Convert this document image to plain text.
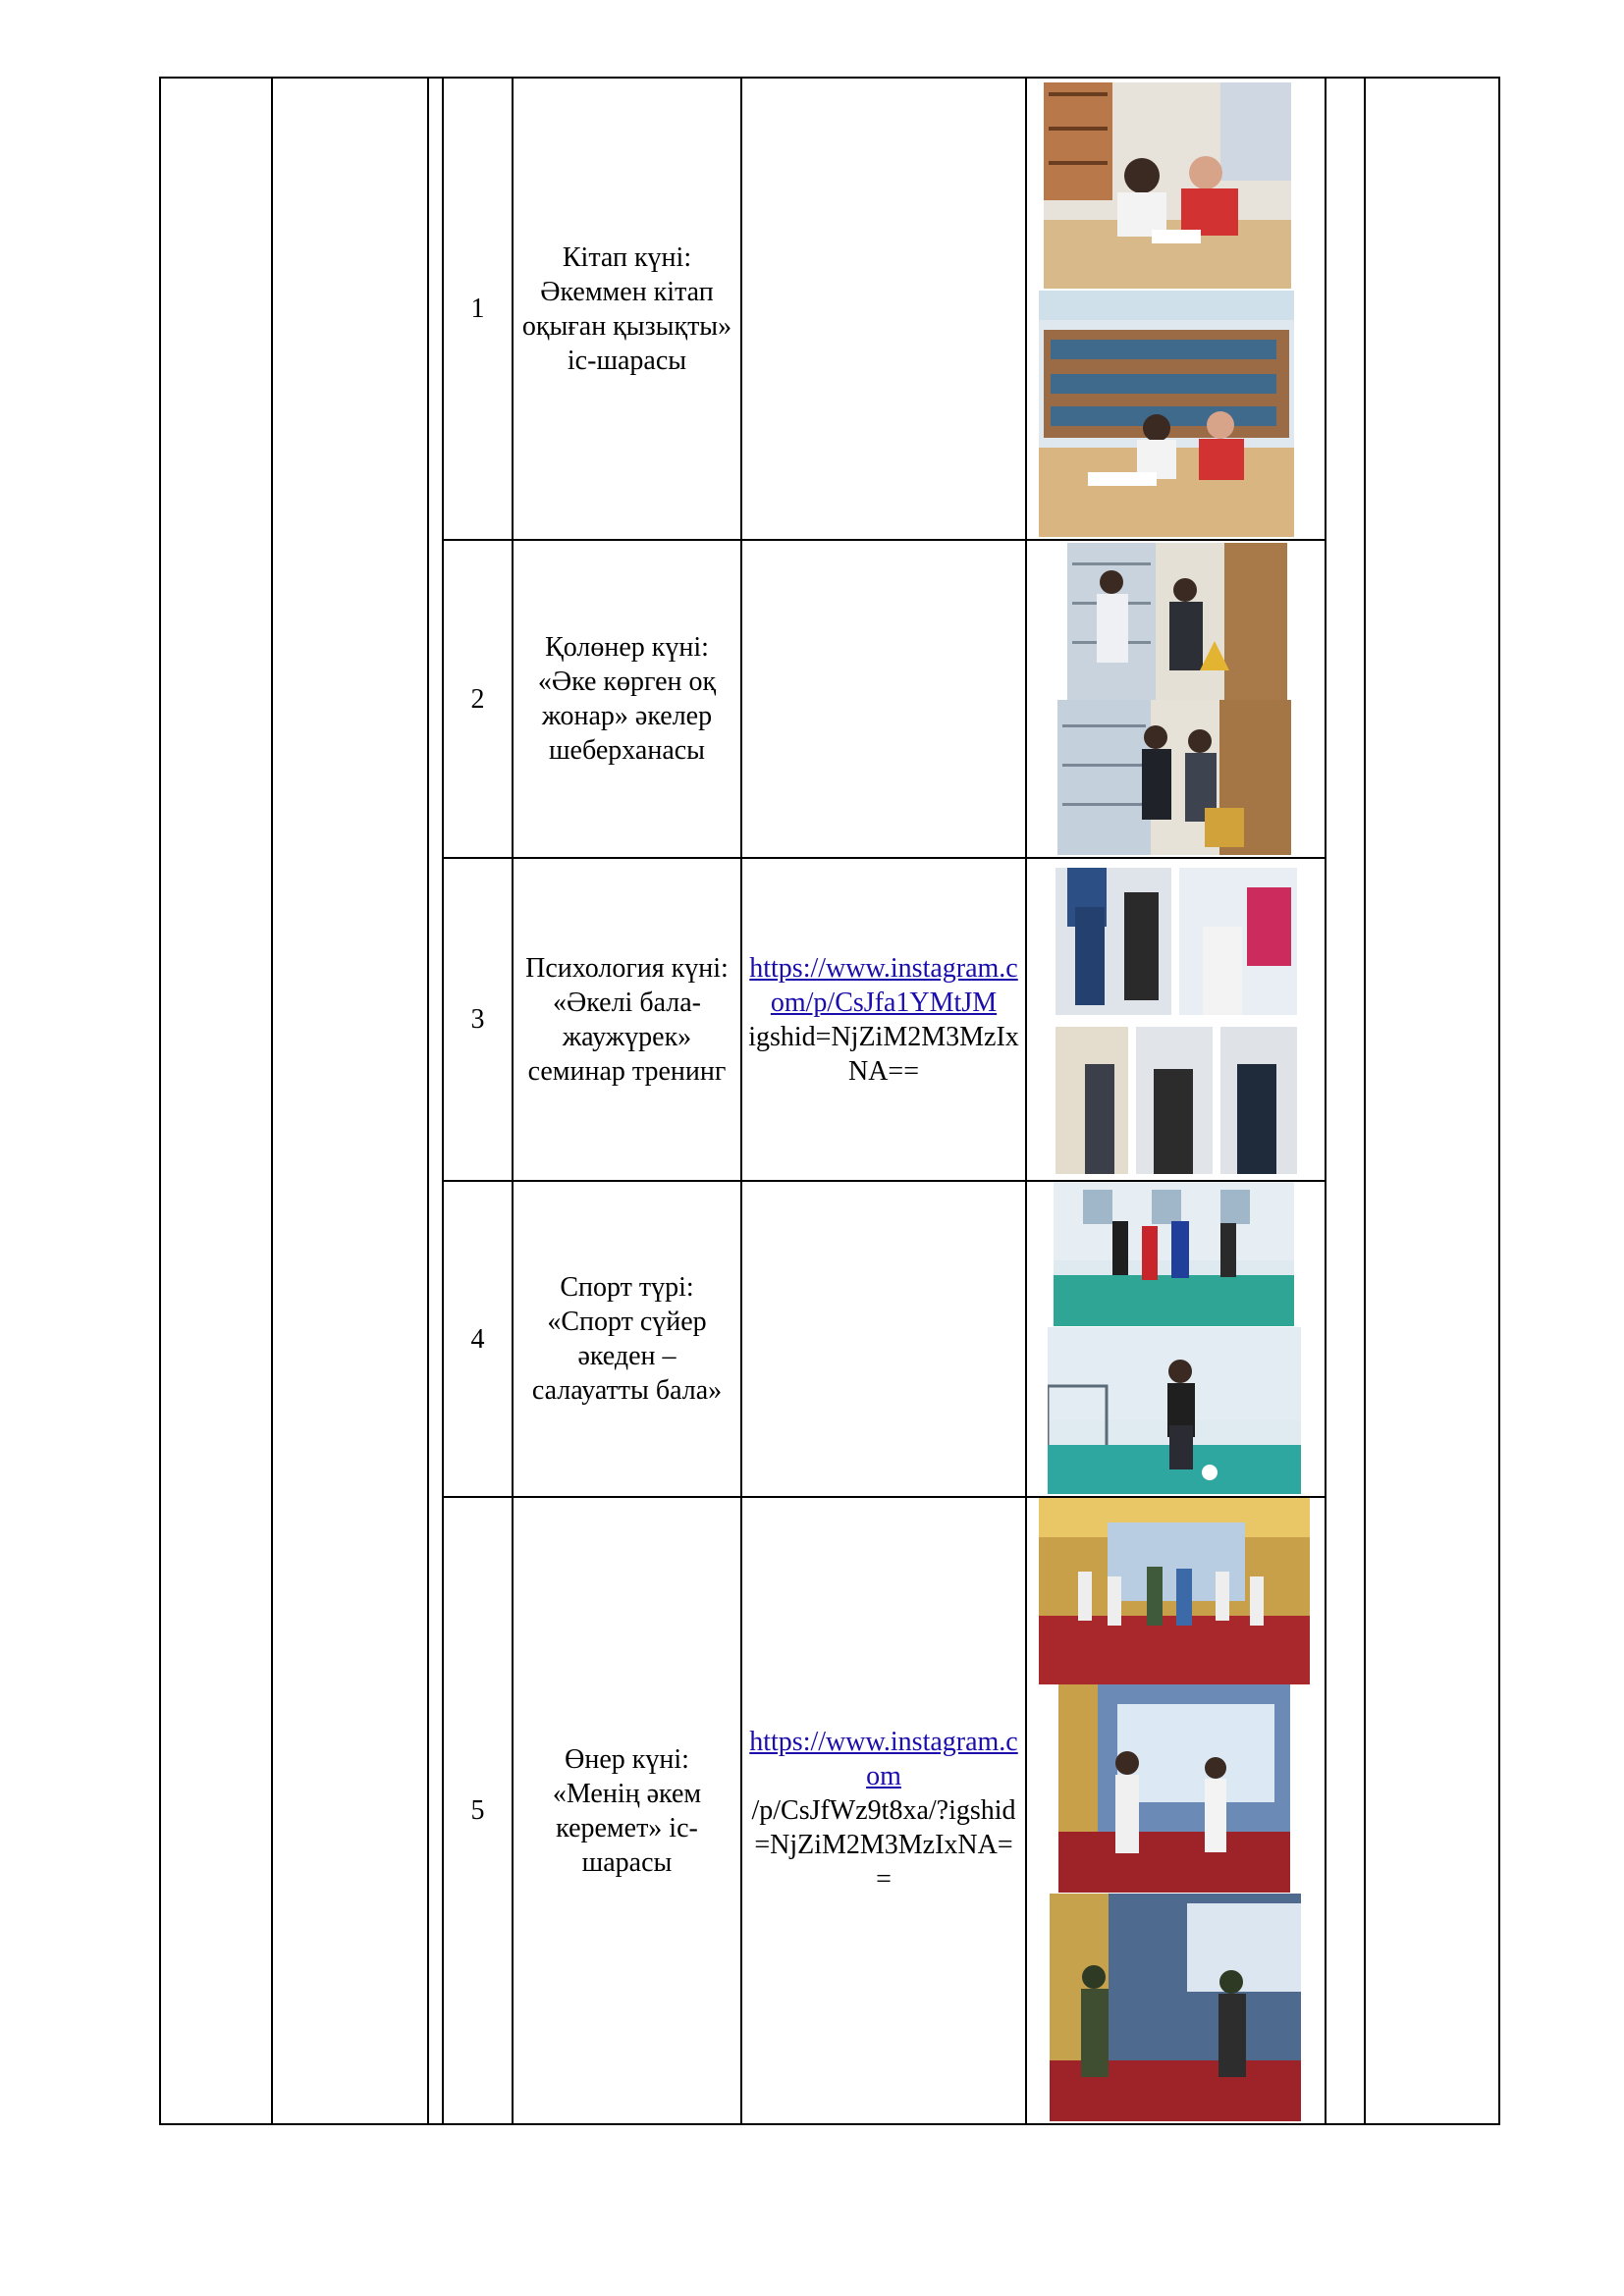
1
Кітап күні: Әкеммен кітап оқыған қызықты» іс-шарасы
2
Қолөнер күні: «Әке көрген оқ жонар» әкелер шеберханасы
3
Психология күні: «Әкелі бала-жаужүрек» семинар тренинг
https://www.instagram.com/p/CsJfa1YMtJM
igshid=NjZiM2M3MzIxNA==
4
Спорт түрі: «Спорт сүйер әкеден – салауатты бала»
5
Өнер күні: «Менің әкем керемет» іс-шарасы
https://www.instagram.com
/p/CsJfWz9t8xa/?igshid=NjZiM2M3MzIxNA==
